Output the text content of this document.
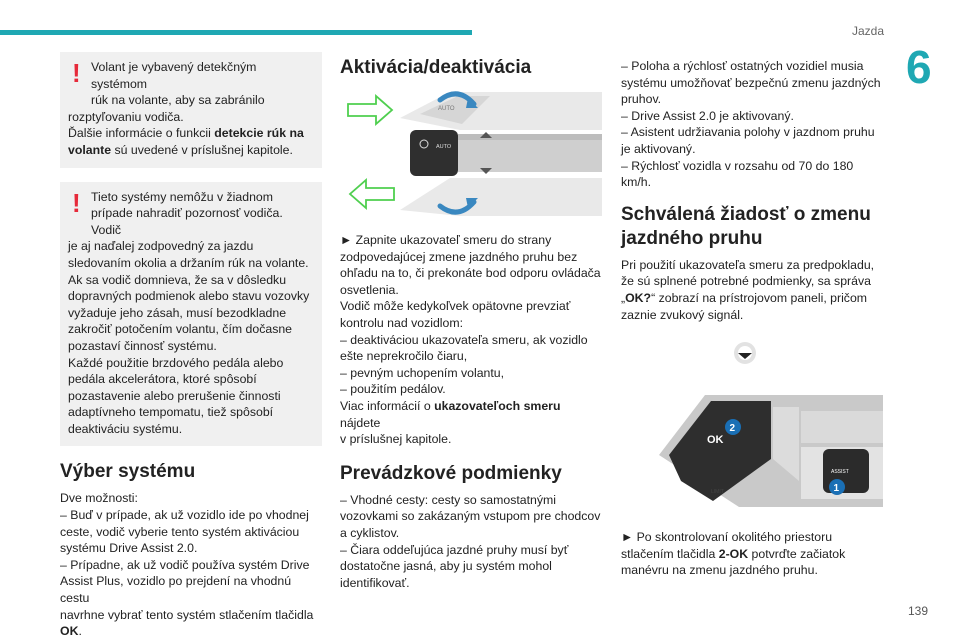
Jazda
6
! Volant je vybavený detekčným systémom

rúk na volante, aby sa zabránilo

rozptyľovaniu vodiča.

Ďalšie informácie o funkcii detekcie rúk na

volante sú uvedené v príslušnej kapitole.

! Tieto systémy nemôžu v žiadnom

prípade nahradiť pozornosť vodiča. Vodič

je aj naďalej zodpovedný za jazdu

sledovaním okolia a držaním rúk na volante.

Ak sa vodič domnieva, že sa v dôsledku

dopravných podmienok alebo stavu vozovky

vyžaduje jeho zásah, musí bezodkladne

zakročiť potočením volantu, čím dočasne

pozastaví činnosť systému.

Každé použitie brzdového pedála alebo

pedála akcelerátora, ktoré spôsobí

pozastavenie alebo prerušenie činnosti

adaptívneho tempomatu, tiež spôsobí

deaktiváciu systému.

Výber systému

Dve možnosti:

– Buď v prípade, ak už vozidlo ide po vhodnej

ceste, vodič vyberie tento systém aktiváciou

systému Drive Assist 2.0.

– Prípadne, ak už vodič používa systém Drive

Assist Plus, vozidlo po prejdení na vhodnú cestu

navrhne vybrať tento systém stlačením tlačidla

OK.

Aktivácia/deaktivácia
AUTO
AUTO

► Zapnite ukazovateľ smeru do strany

zodpovedajúcej zmene jazdného pruhu bez

ohľadu na to, či prekonáte bod odporu ovládača

osvetlenia.

Vodič môže kedykoľvek opätovne prevziať

kontrolu nad vozidlom:

– deaktiváciou ukazovateľa smeru, ak vozidlo

ešte neprekročilo čiaru,

– pevným uchopením volantu,

– použitím pedálov.

Viac informácií o ukazovateľoch smeru nájdete

v príslušnej kapitole.

Prevádzkové podmienky

– Vhodné cesty: cesty so samostatnými

vozovkami so zakázaným vstupom pre chodcov

a cyklistov.

– Čiara oddeľujúca jazdné pruhy musí byť

dostatočne jasná, aby ju systém mohol

identifikovať.

– Poloha a rýchlosť ostatných vozidiel musia

systému umožňovať bezpečnú zmenu jazdných

pruhov.

– Drive Assist 2.0 je aktivovaný.

– Asistent udržiavania polohy v jazdnom pruhu

je aktivovaný.

– Rýchlosť vozidla v rozsahu od 70 do 180

km/h.

Schválená žiadosť o zmenu
jazdného pruhu

Pri použití ukazovateľa smeru za predpokladu,

že sú splnené potrebné podmienky, sa správa

„OK?“ zobrazí na prístrojovom paneli, pričom

zaznie zvukový signál.

OK
2
LIMIT
ASSIST
1

► Po skontrolovaní okolitého priestoru

stlačením tlačidla 2-OK potvrďte začiatok

manévru na zmenu jazdného pruhu.

139
